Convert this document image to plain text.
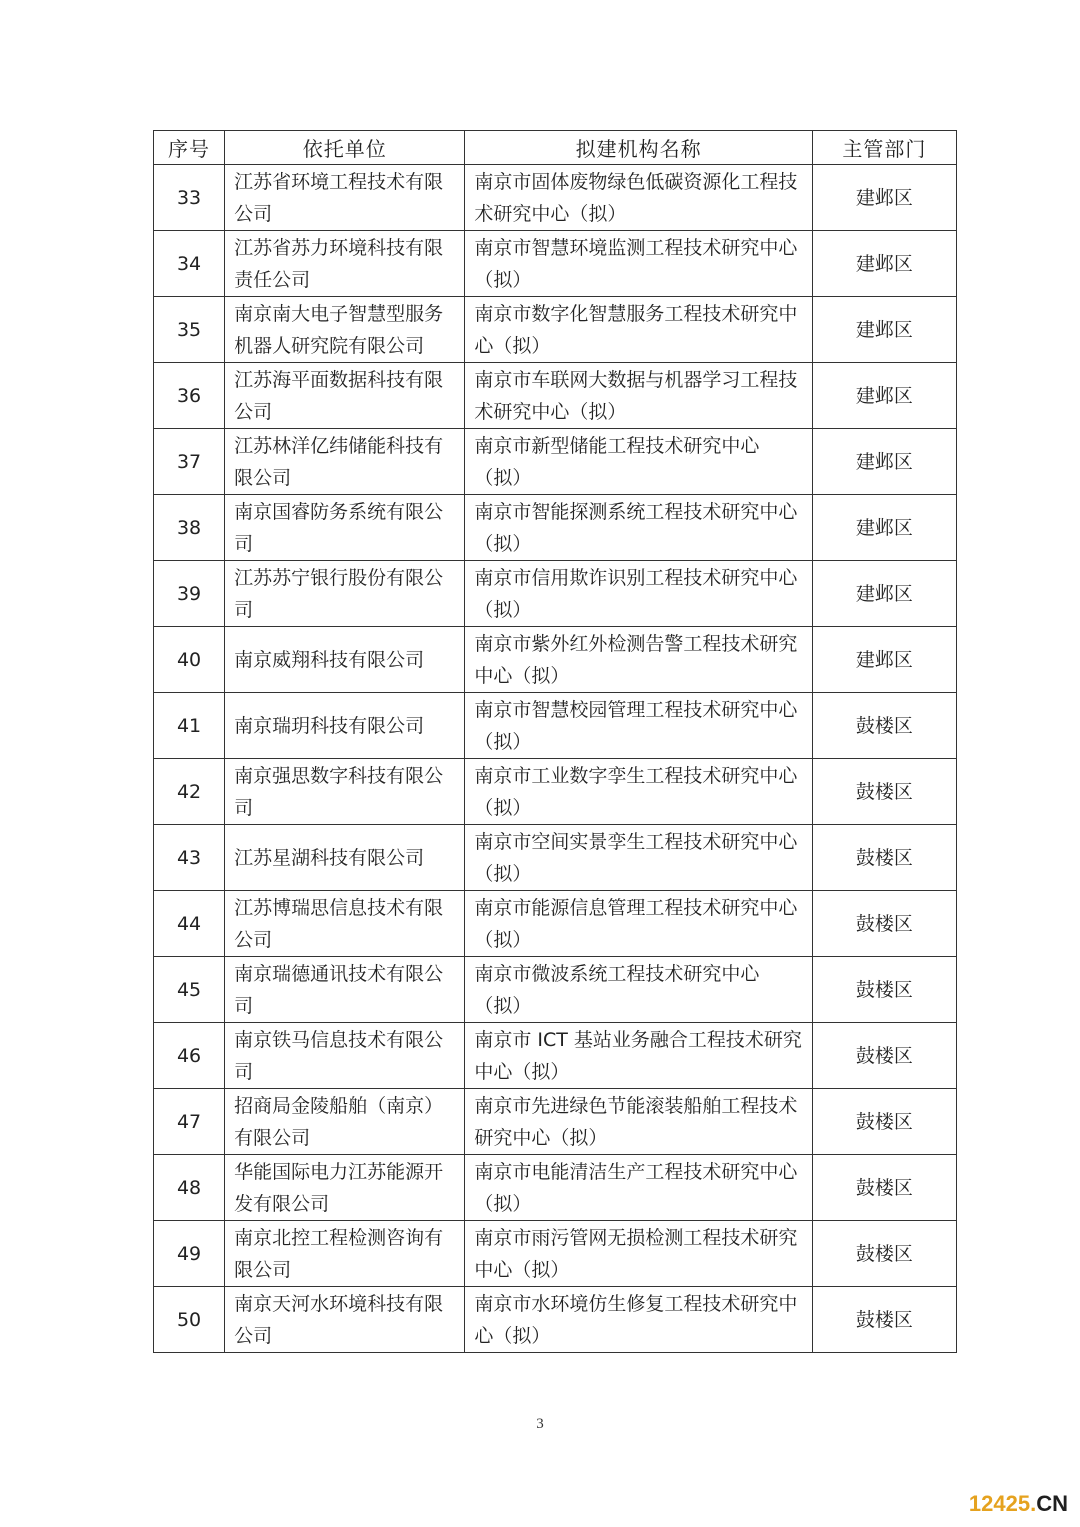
序号	依托单位	拟建机构名称	主管部门
33	江苏省环境工程技术有限公司	南京市固体废物绿色低碳资源化工程技术研究中心（拟）	建邺区
34	江苏省苏力环境科技有限责任公司	南京市智慧环境监测工程技术研究中心（拟）	建邺区
35	南京南大电子智慧型服务机器人研究院有限公司	南京市数字化智慧服务工程技术研究中心（拟）	建邺区
36	江苏海平面数据科技有限公司	南京市车联网大数据与机器学习工程技术研究中心（拟）	建邺区
37	江苏林洋亿纬储能科技有限公司	南京市新型储能工程技术研究中心（拟）	建邺区
38	南京国睿防务系统有限公司	南京市智能探测系统工程技术研究中心（拟）	建邺区
39	江苏苏宁银行股份有限公司	南京市信用欺诈识别工程技术研究中心（拟）	建邺区
40	南京威翔科技有限公司	南京市紫外红外检测告警工程技术研究中心（拟）	建邺区
41	南京瑞玥科技有限公司	南京市智慧校园管理工程技术研究中心（拟）	鼓楼区
42	南京强思数字科技有限公司	南京市工业数字孪生工程技术研究中心（拟）	鼓楼区
43	江苏星湖科技有限公司	南京市空间实景孪生工程技术研究中心（拟）	鼓楼区
44	江苏博瑞思信息技术有限公司	南京市能源信息管理工程技术研究中心（拟）	鼓楼区
45	南京瑞德通讯技术有限公司	南京市微波系统工程技术研究中心（拟）	鼓楼区
46	南京铁马信息技术有限公司	南京市 ICT 基站业务融合工程技术研究中心（拟）	鼓楼区
47	招商局金陵船舶（南京）有限公司	南京市先进绿色节能滚装船舶工程技术研究中心（拟）	鼓楼区
48	华能国际电力江苏能源开发有限公司	南京市电能清洁生产工程技术研究中心（拟）	鼓楼区
49	南京北控工程检测咨询有限公司	南京市雨污管网无损检测工程技术研究中心（拟）	鼓楼区
50	南京天河水环境科技有限公司	南京市水环境仿生修复工程技术研究中心（拟）	鼓楼区
3
12425.CN
